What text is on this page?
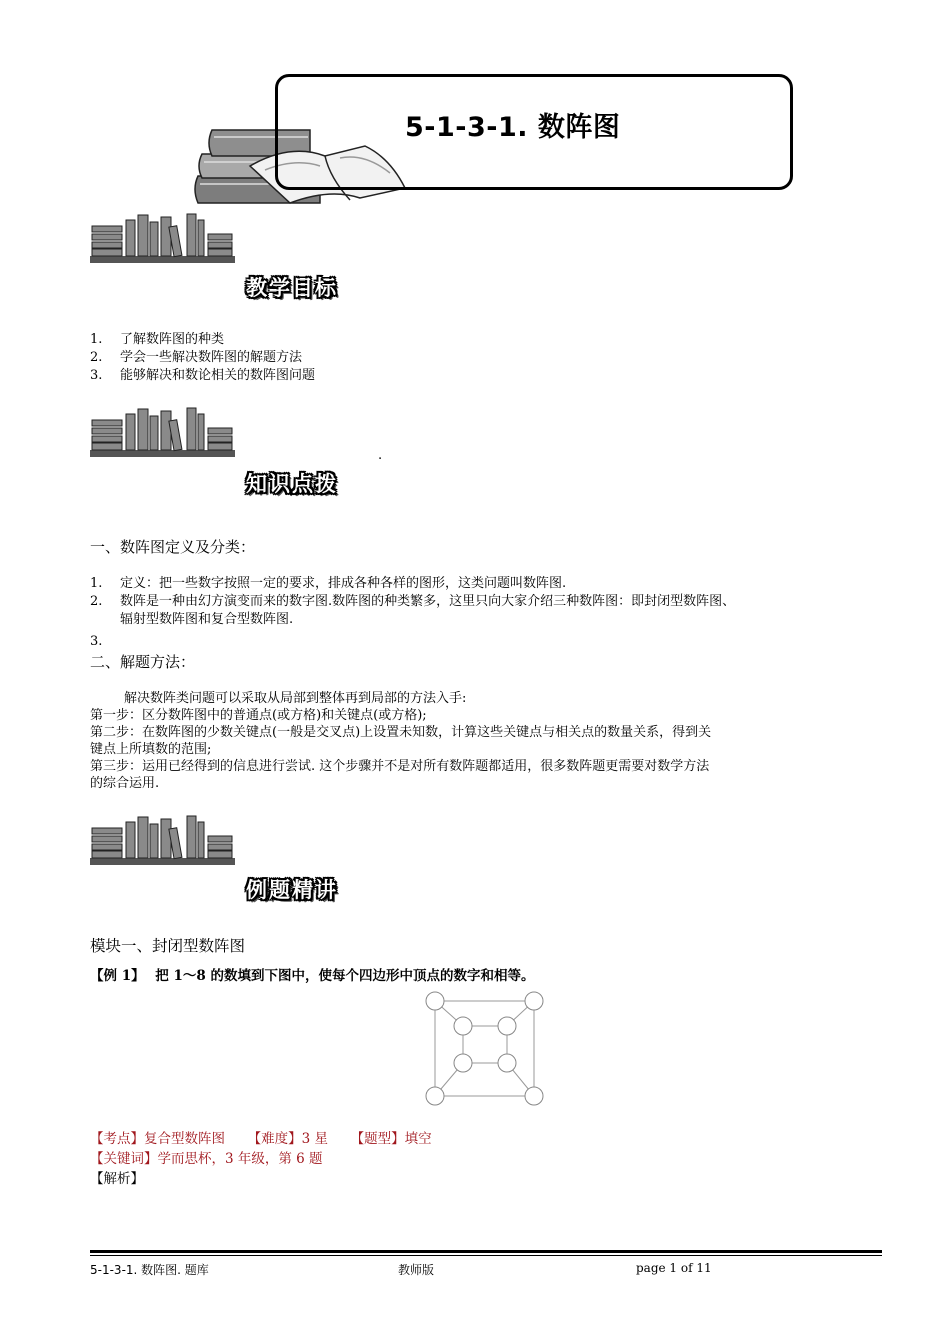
5-1-3-1. 数阵图
教学目标
1. 了解数阵图的种类
2. 学会一些解决数阵图的解题方法
3. 能够解决和数论相关的数阵图问题
.
知识点拨
一、数阵图定义及分类：
1. 定义：把一些数字按照一定的要求，排成各种各样的图形，这类问题叫数阵图.
2. 数阵是一种由幻方演变而来的数字图.数阵图的种类繁多，这里只向大家介绍三种数阵图：即封闭型数阵图、
辐射型数阵图和复合型数阵图.
3.
二、解题方法：
解决数阵类问题可以采取从局部到整体再到局部的方法入手:
第一步：区分数阵图中的普通点(或方格)和关键点(或方格);
第二步：在数阵图的少数关键点(一般是交叉点)上设置未知数，计算这些关键点与相关点的数量关系，得到关
键点上所填数的范围;
第三步：运用已经得到的信息进行尝试. 这个步骤并不是对所有数阵题都适用，很多数阵题更需要对数学方法
的综合运用.
例题精讲
模块一、封闭型数阵图
【例 1】 把 1～8 的数填到下图中，使每个四边形中顶点的数字和相等。
【考点】复合型数阵图 【难度】3 星 【题型】填空
【关键词】学而思杯，3 年级，第 6 题
【解析】
5-1-3-1. 数阵图. 题库	教师版	page 1 of 11
